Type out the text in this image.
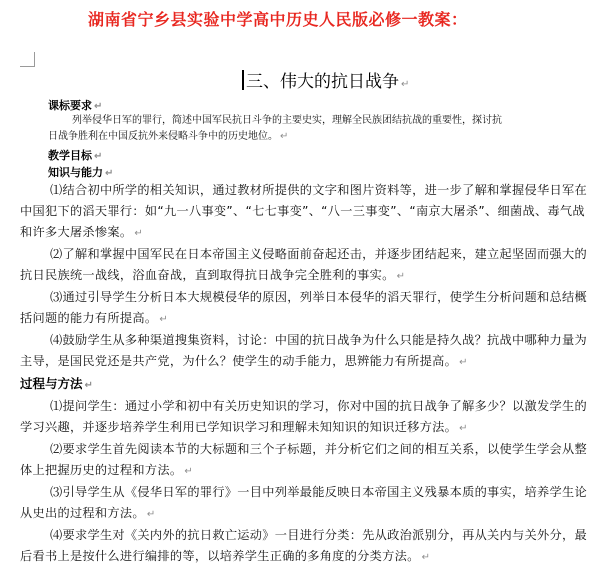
湖南省宁乡县实验中学高中历史人民版必修一教案：
三、伟大的抗日战争 ↵
课标要求 ↵
列举侵华日军的罪行，简述中国军民抗日斗争的主要史实，理解全民族团结抗战的重要性，探讨抗
日战争胜利在中国反抗外来侵略斗争中的历史地位。 ↵
教学目标 ↵
知识与能力 ↵

⑴结合初中所学的相关知识，通过教材所提供的文字和图片资料等，进一步了解和掌握侵华日军在中国犯下的滔天罪行：如“九一八事变”、“七七事变”、“八一三事变”、“南京大屠杀”、细菌战、毒气战和许多大屠杀惨案。 ↵

⑵了解和掌握中国军民在日本帝国主义侵略面前奋起还击，并逐步团结起来，建立起坚固而强大的抗日民族统一战线，浴血奋战，直到取得抗日战争完全胜利的事实。 ↵

⑶通过引导学生分析日本大规模侵华的原因，列举日本侵华的滔天罪行，使学生分析问题和总结概括问题的能力有所提高。 ↵

⑷鼓励学生从多种渠道搜集资料，讨论：中国的抗日战争为什么只能是持久战？抗战中哪种力量为主导，是国民党还是共产党，为什么？使学生的动手能力，思辨能力有所提高。 ↵

过程与方法 ↵

⑴提问学生：通过小学和初中有关历史知识的学习，你对中国的抗日战争了解多少？以激发学生的学习兴趣，并逐步培养学生利用已学知识学习和理解未知知识的知识迁移方法。 ↵

⑵要求学生首先阅读本节的大标题和三个子标题，并分析它们之间的相互关系，以使学生学会从整体上把握历史的过程和方法。 ↵

⑶引导学生从《侵华日军的罪行》一目中列举最能反映日本帝国主义残暴本质的事实，培养学生论从史出的过程和方法。 ↵

⑷要求学生对《关内外的抗日救亡运动》一目进行分类：先从政治派别分，再从关内与关外分，最后看书上是按什么进行编排的等，以培养学生正确的多角度的分类方法。 ↵
